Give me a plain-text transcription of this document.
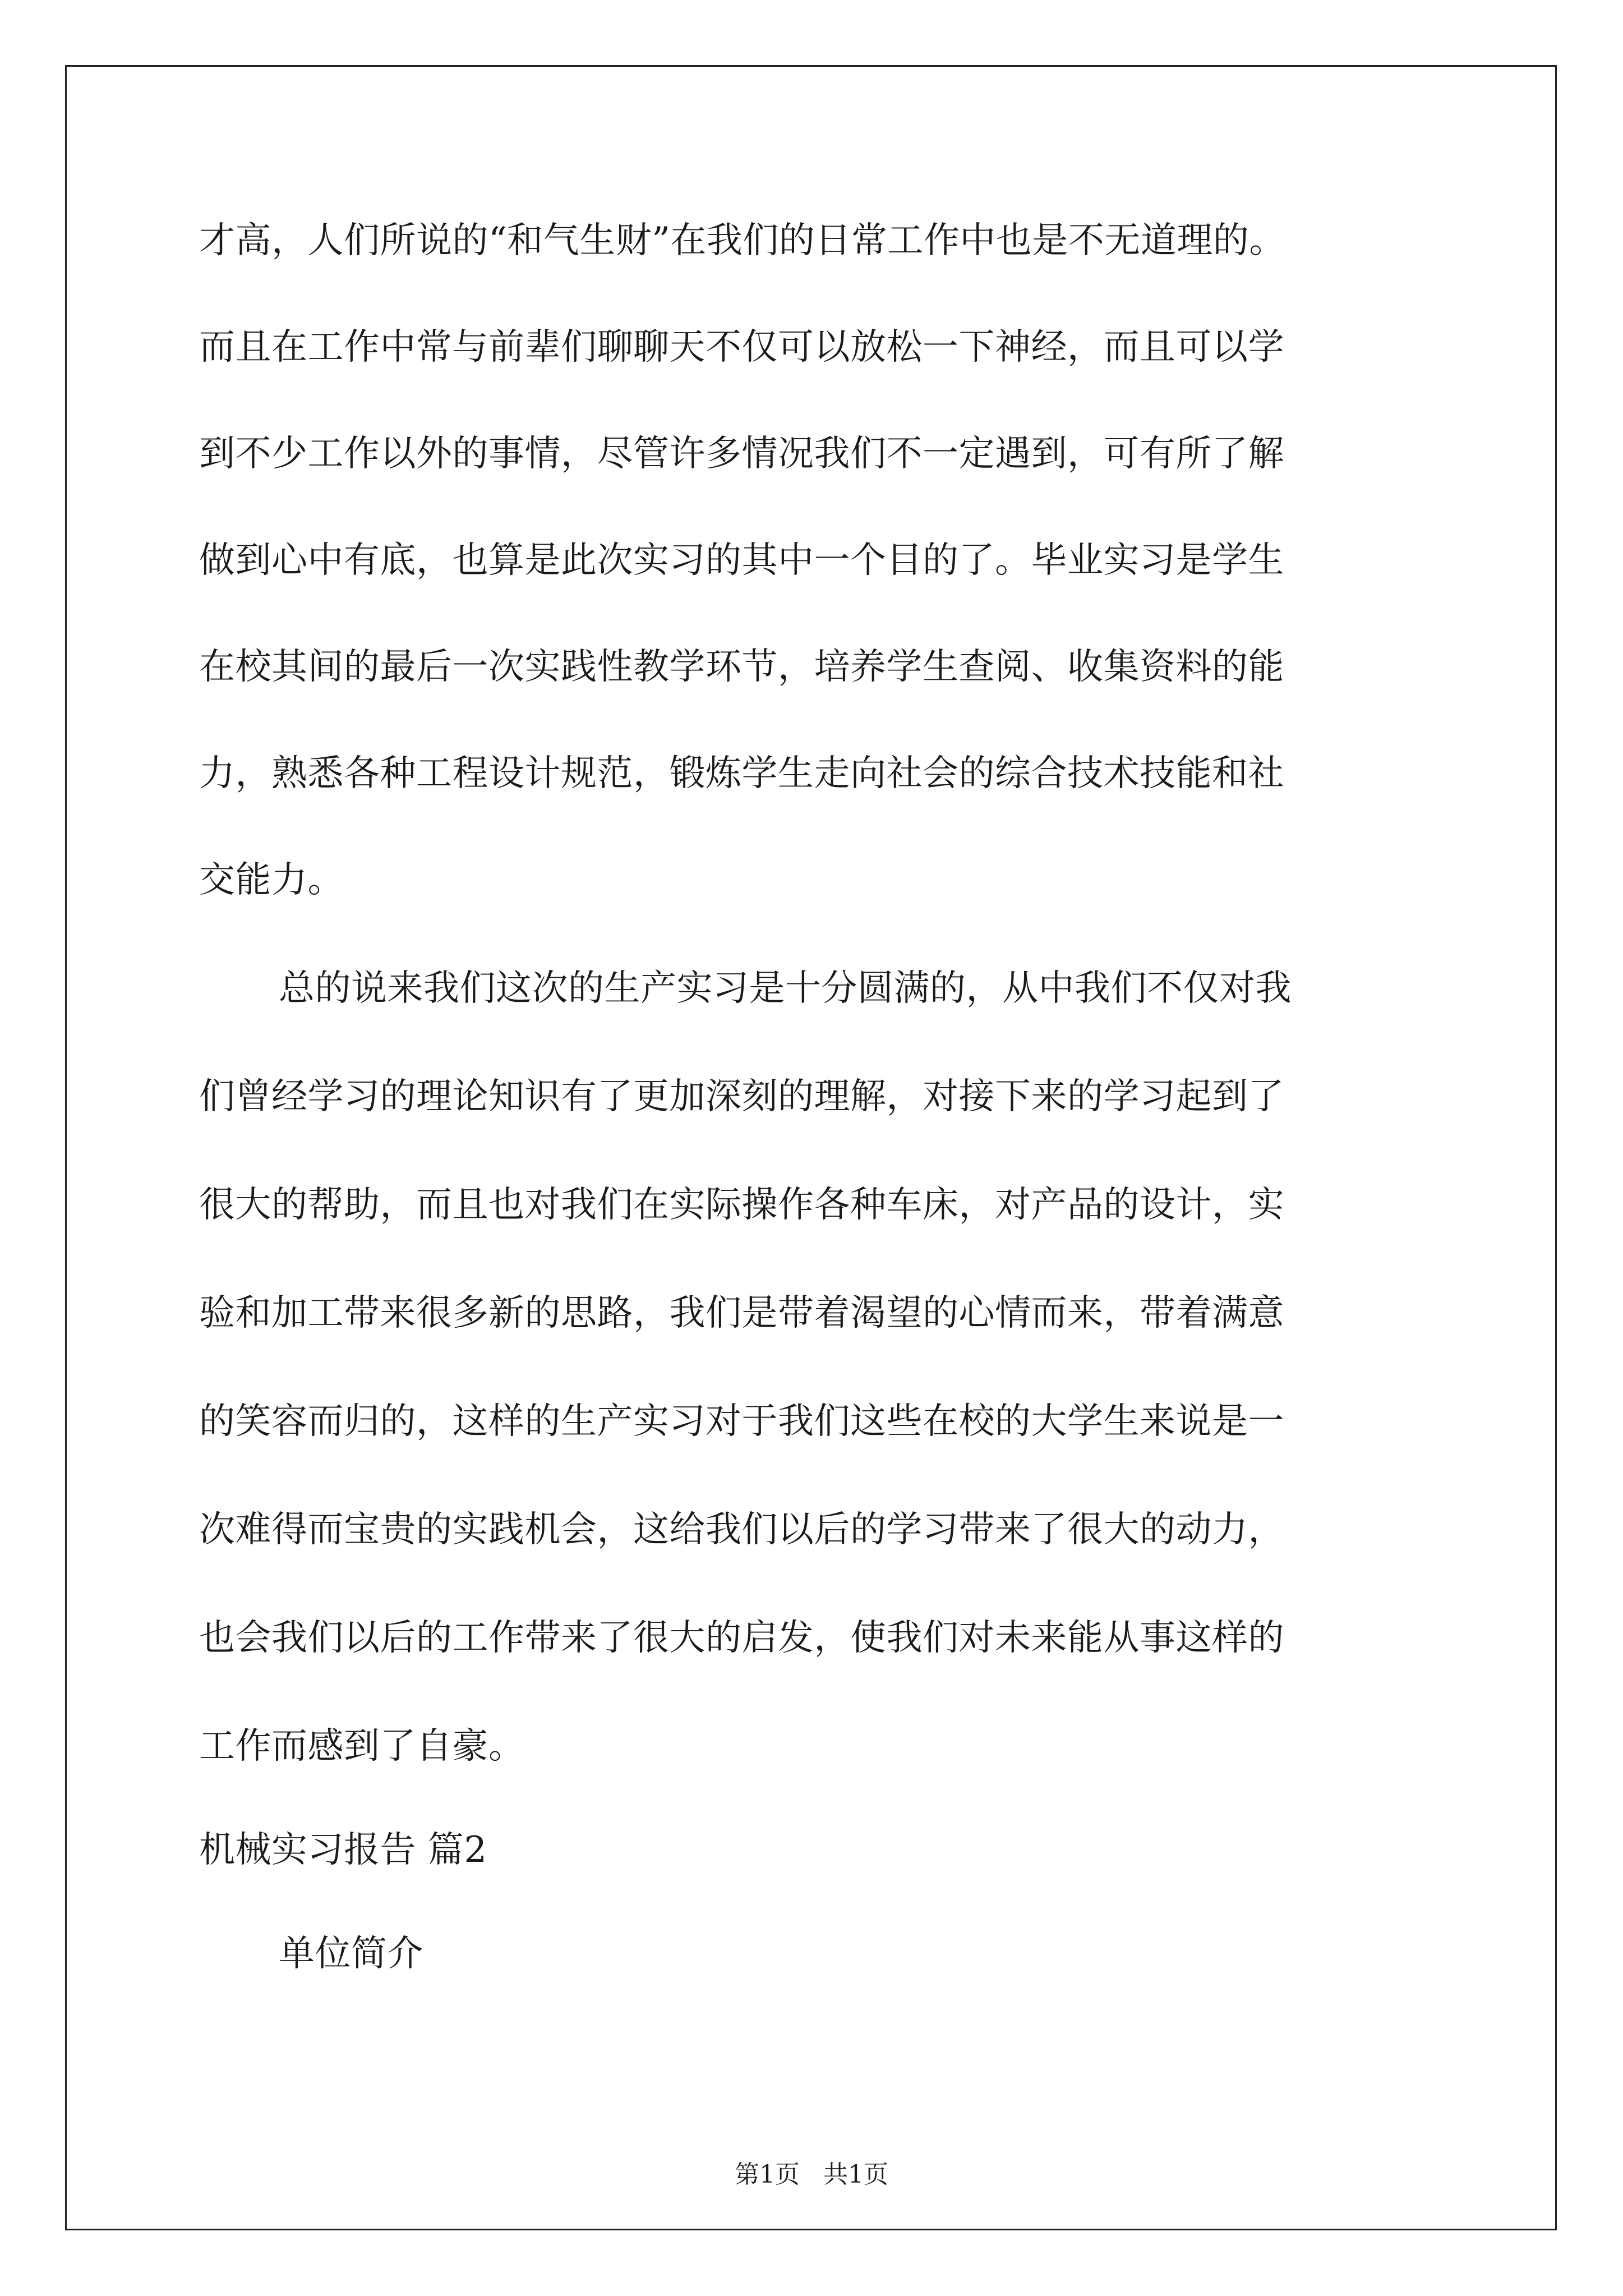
才高，人们所说的“和气生财”在我们的日常工作中也是不无道理的。
而且在工作中常与前辈们聊聊天不仅可以放松一下神经，而且可以学
到不少工作以外的事情，尽管许多情况我们不一定遇到，可有所了解
做到心中有底，也算是此次实习的其中一个目的了。毕业实习是学生
在校其间的最后一次实践性教学环节，培养学生查阅、收集资料的能
力，熟悉各种工程设计规范，锻炼学生走向社会的综合技术技能和社
交能力。
总的说来我们这次的生产实习是十分圆满的，从中我们不仅对我
们曾经学习的理论知识有了更加深刻的理解，对接下来的学习起到了
很大的帮助，而且也对我们在实际操作各种车床，对产品的设计，实
验和加工带来很多新的思路，我们是带着渴望的心情而来，带着满意
的笑容而归的，这样的生产实习对于我们这些在校的大学生来说是一
次难得而宝贵的实践机会，这给我们以后的学习带来了很大的动力，
也会我们以后的工作带来了很大的启发，使我们对未来能从事这样的
工作而感到了自豪。
机械实习报告 篇2
单位简介
第1页   共1页
